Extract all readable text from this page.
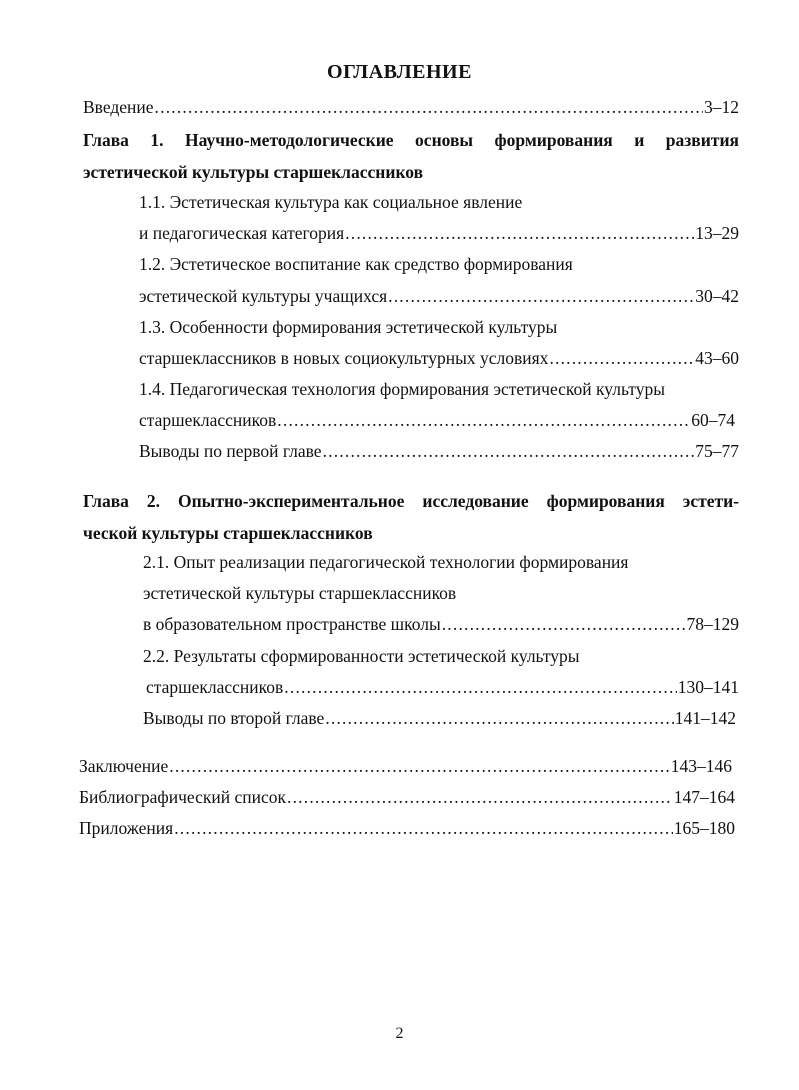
ОГЛАВЛЕНИЕ
Введение .....	3–12
Глава 1. Научно-методологические основы формирования и развития
эстетической культуры старшеклассников
1.1. Эстетическая культура как социальное явление
и педагогическая категория .....	13–29
1.2. Эстетическое воспитание как средство формирования
эстетической культуры учащихся .....	30–42
1.3. Особенности формирования эстетической культуры
старшеклассников в новых социокультурных условиях .....	43–60
1.4. Педагогическая технология формирования эстетической культуры
старшеклассников .....	60–74
Выводы по первой главе .....	75–77
Глава 2. Опытно-экспериментальное исследование формирования эстети-
ческой культуры старшеклассников
2.1. Опыт реализации педагогической технологии формирования
эстетической культуры старшеклассников
в образовательном пространстве школы .....	78–129
2.2. Результаты сформированности эстетической культуры
старшеклассников .....	130–141
Выводы по второй главе .....	141–142
Заключение .....	143–146
Библиографический список .....	147–164
Приложения .....	165–180
2
